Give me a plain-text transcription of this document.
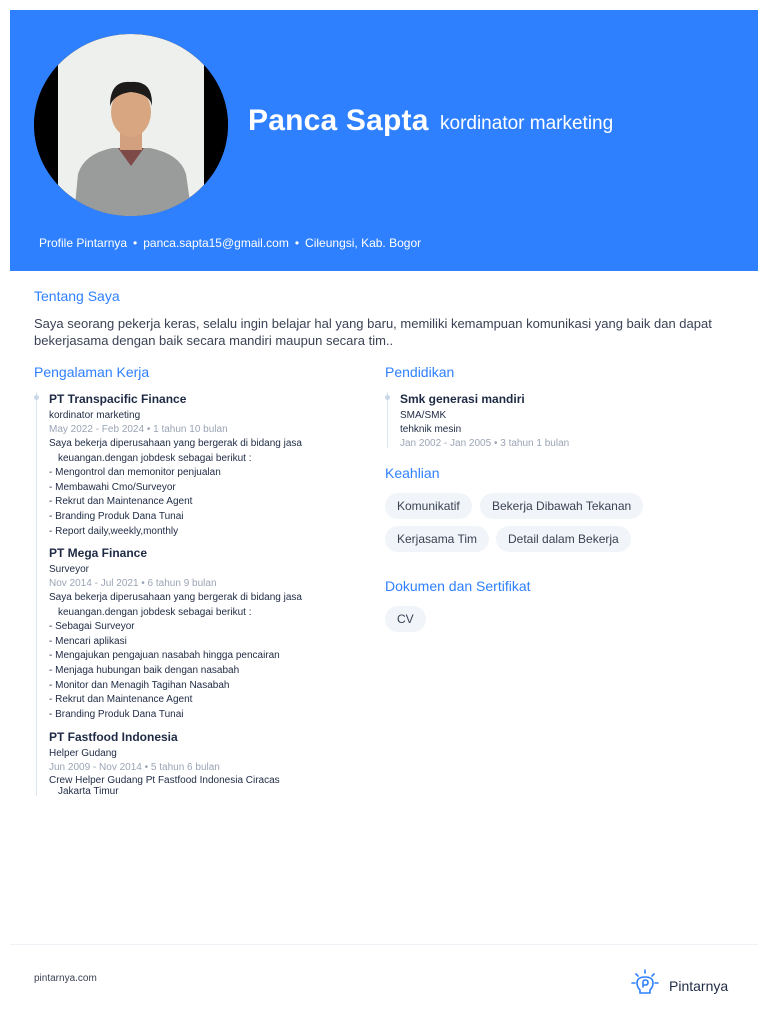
Panca Sapta kordinator marketing
Profile Pintarnya • panca.sapta15@gmail.com • Cileungsi, Kab. Bogor
Tentang Saya
Saya seorang pekerja keras, selalu ingin belajar hal yang baru, memiliki kemampuan komunikasi yang baik dan dapat bekerjasama dengan baik secara mandiri maupun secara tim..
Pengalaman Kerja
PT Transpacific Finance
kordinator marketing
May 2022 - Feb 2024 • 1 tahun 10 bulan
Saya bekerja diperusahaan yang bergerak di bidang jasa
keuangan.dengan jobdesk sebagai berikut :
- Mengontrol dan memonitor penjualan
- Membawahi Cmo/Surveyor
- Rekrut dan Maintenance Agent
- Branding Produk Dana Tunai
- Report daily,weekly,monthly
PT Mega Finance
Surveyor
Nov 2014 - Jul 2021 • 6 tahun 9 bulan
Saya bekerja diperusahaan yang bergerak di bidang jasa
keuangan.dengan jobdesk sebagai berikut :
- Sebagai Surveyor
- Mencari aplikasi
- Mengajukan pengajuan nasabah hingga pencairan
- Menjaga hubungan baik dengan nasabah
- Monitor dan Menagih Tagihan Nasabah
- Rekrut dan Maintenance Agent
- Branding Produk Dana Tunai
PT Fastfood Indonesia
Helper Gudang
Jun 2009 - Nov 2014 • 5 tahun 6 bulan
Crew Helper Gudang Pt Fastfood Indonesia Ciracas
Jakarta Timur
Pendidikan
Smk generasi mandiri
SMA/SMK
tehknik mesin
Jan 2002 - Jan 2005 • 3 tahun 1 bulan
Keahlian
Komunikatif	Bekerja Dibawah Tekanan
Kerjasama Tim	Detail dalam Bekerja
Dokumen dan Sertifikat
CV
pintarnya.com	Pintarnya
